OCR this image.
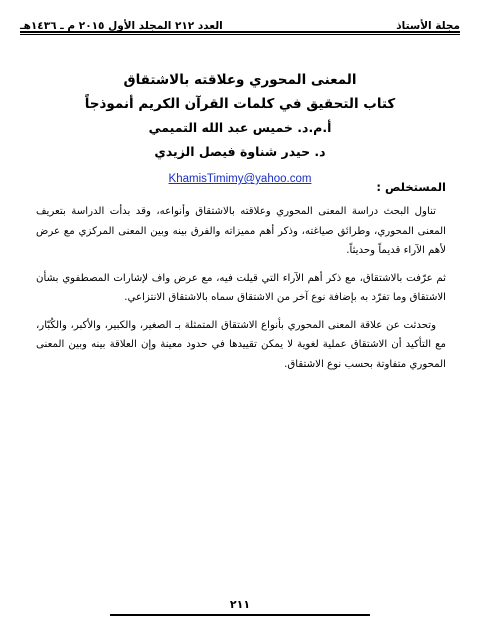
مجلة الأستاذ
العدد ٢١٢ المجلد الأول ٢٠١٥ م ـ ١٤٣٦هـ
المعنى المحوري وعلاقته بالاشتقاق
كتاب التحقيق في كلمات القرآن الكريم أنموذجاً
أ.م.د. خميس عبد الله التميمي
د. حيدر شناوة فيصل الزيدي
KhamisTimimy@yahoo.com
المستخلص :

تناول البحث دراسة المعنى المحوري وعلاقته بالاشتقاق وأنواعه، وقد بدأت الدراسة بتعريف المعنى المحوري، وطرائق صياغته، وذكر أهم مميزاته والفرق بينه وبين المعنى المركزي مع عرض لأهم الآراء قديماً وحديثاً.

ثم عرّفت بالاشتقاق، مع ذكر أهم الآراء التي قيلت فيه، مع عرض واف لإشارات المصطفوي بشأن الاشتقاق وما تفرّد به بإضافة نوع آخر من الاشتقاق سماه بالاشتقاق الانتزاعي.

وتحدثت عن علاقة المعنى المحوري بأنواع الاشتقاق المتمثلة بـ الصغير، والكبير، والأكبر، والكُبّار، مع التأكيد أن الاشتقاق عملية لغوية لا يمكن تقييدها في حدود معينة وإن العلاقة بينه وبين المعنى المحوري متفاوتة بحسب نوع الاشتقاق.

٢١١
